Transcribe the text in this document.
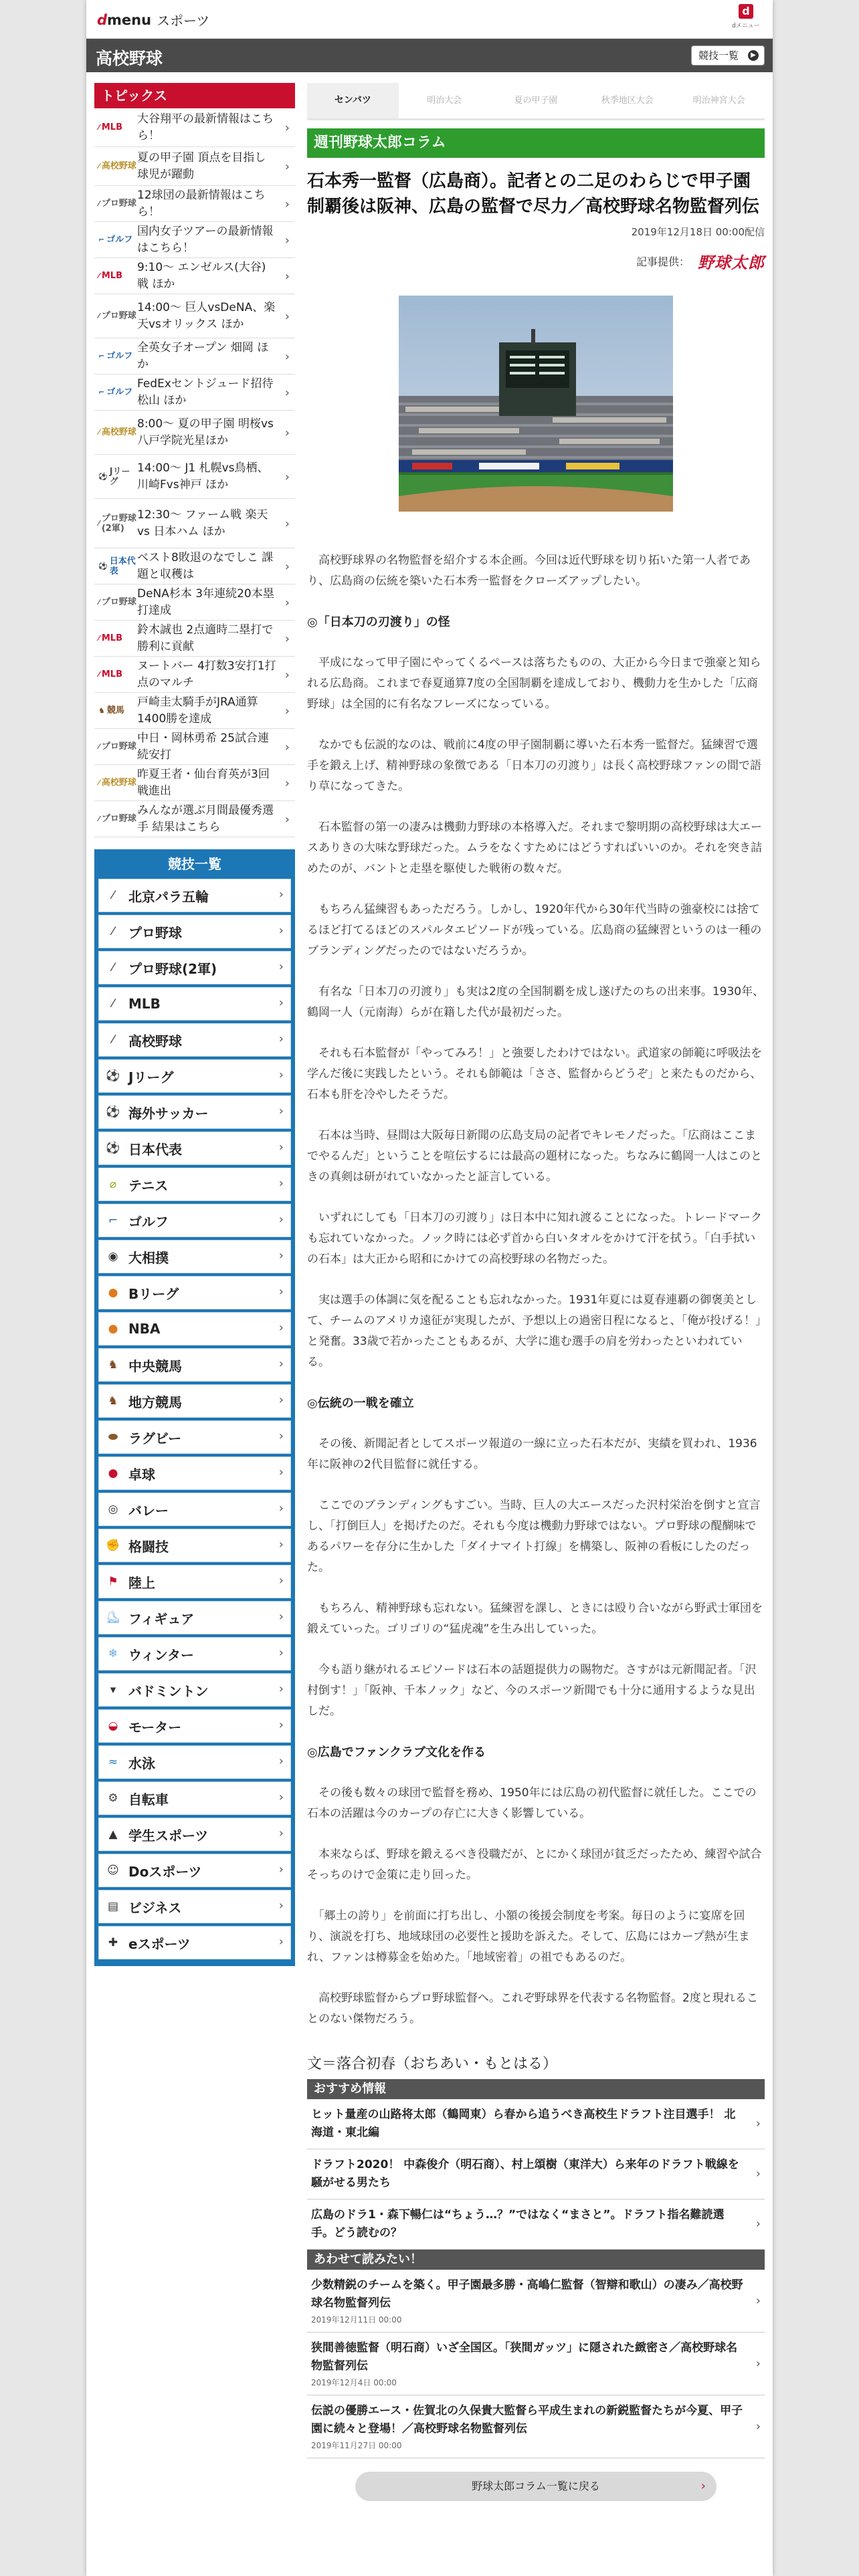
dmenu スポーツ
d
dメニュー
高校野球	競技一覧	▶
トピックス
⁄ MLB
大谷翔平の最新情報はこちら！
›
⁄ 高校野球
夏の甲子園 頂点を目指し球児が躍動
›
⁄ プロ野球
12球団の最新情報はこちら！
›
⌐ ゴルフ
国内女子ツアーの最新情報はこちら！
›
⁄ MLB
9:10〜 エンゼルス(大谷)戦 ほか
›
⁄ プロ野球
14:00〜 巨人vsDeNA、楽天vsオリックス ほか
›
⌐ ゴルフ
全英女子オープン 畑岡 ほか
›
⌐ ゴルフ
FedExセントジュード招待 松山 ほか
›
⁄ 高校野球
8:00〜 夏の甲子園 明桜vs八戸学院光星ほか
›
⚽ Jリーグ
14:00〜 J1 札幌vs鳥栖、川崎Fvs神戸 ほか
›
⁄ プロ野球(2軍)
12:30〜 ファーム戦 楽天 vs 日本ハム ほか
›
⚽ 日本代表
ベスト8敗退のなでしこ 課題と収穫は
›
⁄ プロ野球
DeNA杉本 3年連続20本塁打達成
›
⁄ MLB
鈴木誠也 2点適時二塁打で勝利に貢献
›
⁄ MLB
ヌートバー 4打数3安打1打点のマルチ
›
♞ 競馬
戸崎圭太騎手がJRA通算1400勝を達成
›
⁄ プロ野球
中日・岡林勇希 25試合連続安打
›
⁄ 高校野球
昨夏王者・仙台育英が3回戦進出
›
⁄ プロ野球
みんなが選ぶ月間最優秀選手 結果はこちら
›
競技一覧
⁄	北京パラ五輪	›
⁄	プロ野球	›
⁄	プロ野球(2軍)	›
⁄	MLB	›
⁄	高校野球	›
⚽ Jリーグ	›
⚽ 海外サッカー	›
⚽ 日本代表	›
⌀ テニス	›
⌐ ゴルフ	›
◉ 大相撲	›
● Bリーグ	›
● NBA	›
♞ 中央競馬	›
♞ 地方競馬	›
⬬ ラグビー	›
● 卓球	›
◎ バレー	›
✊ 格闘技	›
⚑ 陸上	›
⛸ フィギュア	›
❄ ウィンター	›
▾ バドミントン	›
◒ モーター	›
≈ 水泳	›
⚙ 自転車	›
▲ 学生スポーツ	›
☺ Doスポーツ	›
▤ ビジネス	›
✚ eスポーツ	›
センバツ	明治大会	夏の甲子園	秋季地区大会	明治神宮大会
週刊野球太郎コラム
石本秀一監督（広島商）。記者との二足のわらじで甲子園制覇後は阪神、広島の監督で尽力／高校野球名物監督列伝
2019年12月18日 00:00配信
記事提供： 野球太郎

　高校野球界の名物監督を紹介する本企画。今回は近代野球を切り拓いた第一人者であり、広島商の伝統を築いた石本秀一監督をクローズアップしたい。

◎「日本刀の刃渡り」の怪

　平成になって甲子園にやってくるペースは落ちたものの、大正から今日まで強豪と知られる広島商。これまで春夏通算7度の全国制覇を達成しており、機動力を生かした「広商野球」は全国的に有名なフレーズになっている。

　なかでも伝説的なのは、戦前に4度の甲子園制覇に導いた石本秀一監督だ。猛練習で選手を鍛え上げ、精神野球の象徴である「日本刀の刃渡り」は長く高校野球ファンの間で語り草になってきた。

　石本監督の第一の凄みは機動力野球の本格導入だ。それまで黎明期の高校野球は大エースありきの大味な野球だった。ムラをなくすためにはどうすればいいのか。それを突き詰めたのが、バントと走塁を駆使した戦術の数々だ。

　もちろん猛練習もあっただろう。しかし、1920年代から30年代当時の強豪校には捨てるほど打てるほどのスパルタエピソードが残っている。広島商の猛練習というのは一種のブランディングだったのではないだろうか。

　有名な「日本刀の刃渡り」も実は2度の全国制覇を成し遂げたのちの出来事。1930年、鶴岡一人（元南海）らが在籍した代が最初だった。

　それも石本監督が「やってみろ！」と強要したわけではない。武道家の師範に呼吸法を学んだ後に実践したという。それも師範は「ささ、監督からどうぞ」と来たものだから、石本も肝を冷やしたそうだ。

　石本は当時、昼間は大阪毎日新聞の広島支局の記者でキレモノだった。「広商はここまでやるんだ」ということを喧伝するには最高の題材になった。ちなみに鶴岡一人はこのときの真剣は研がれていなかったと証言している。

　いずれにしても「日本刀の刃渡り」は日本中に知れ渡ることになった。トレードマークも忘れていなかった。ノック時には必ず首から白いタオルをかけて汗を拭う。「白手拭いの石本」は大正から昭和にかけての高校野球の名物だった。

　実は選手の体調に気を配ることも忘れなかった。1931年夏には夏春連覇の御褒美として、チームのアメリカ遠征が実現したが、予想以上の過密日程になると、「俺が投げる！」と発奮。33歳で若かったこともあるが、大学に進む選手の肩を労わったといわれている。

◎伝統の一戦を確立

　その後、新聞記者としてスポーツ報道の一線に立った石本だが、実績を買われ、1936年に阪神の2代目監督に就任する。

　ここでのブランディングもすごい。当時、巨人の大エースだった沢村栄治を倒すと宣言し、「打倒巨人」を掲げたのだ。それも今度は機動力野球ではない。プロ野球の醍醐味であるパワーを存分に生かした「ダイナマイト打線」を構築し、阪神の看板にしたのだった。

　もちろん、精神野球も忘れない。猛練習を課し、ときには殴り合いながら野武士軍団を鍛えていった。ゴリゴリの“猛虎魂”を生み出していった。

　今も語り継がれるエピソードは石本の話題提供力の賜物だ。さすがは元新聞記者。「沢村倒す！」「阪神、千本ノック」など、今のスポーツ新聞でも十分に通用するような見出しだ。

◎広島でファンクラブ文化を作る

　その後も数々の球団で監督を務め、1950年には広島の初代監督に就任した。ここでの石本の活躍は今のカープの存亡に大きく影響している。

　本来ならば、野球を鍛えるべき役職だが、とにかく球団が貧乏だったため、練習や試合そっちのけで金策に走り回った。

　「郷土の誇り」を前面に打ち出し、小額の後援会制度を考案。毎日のように宴席を回り、演説を打ち、地域球団の必要性と援助を訴えた。そして、広島にはカープ熱が生まれ、ファンは樽募金を始めた。「地域密着」の祖でもあるのだ。

　高校野球監督からプロ野球監督へ。これぞ野球界を代表する名物監督。2度と現れることのない傑物だろう。

文＝落合初春（おちあい・もとはる）
おすすめ情報
ヒット量産の山路将太郎（鶴岡東）ら春から追うべき高校生ドラフト注目選手！ 北海道・東北編
›
ドラフト2020！ 中森俊介（明石商）、村上頌樹（東洋大）ら来年のドラフト戦線を騒がせる男たち
›
広島のドラ1・森下暢仁は“ちょう…？”ではなく“まさと”。ドラフト指名難読選手。どう読むの？
›
あわせて読みたい！
少数精鋭のチームを築く。甲子園最多勝・高嶋仁監督（智辯和歌山）の凄み／高校野球名物監督列伝
2019年12月11日 00:00
›
狭間善徳監督（明石商）いざ全国区。「狭間ガッツ」に隠された緻密さ／高校野球名物監督列伝
2019年12月4日 00:00
›
伝説の優勝エース・佐賀北の久保貴大監督ら平成生まれの新鋭監督たちが今夏、甲子園に続々と登場！／高校野球名物監督列伝
2019年11月27日 00:00
›
野球太郎コラム一覧に戻る	›
